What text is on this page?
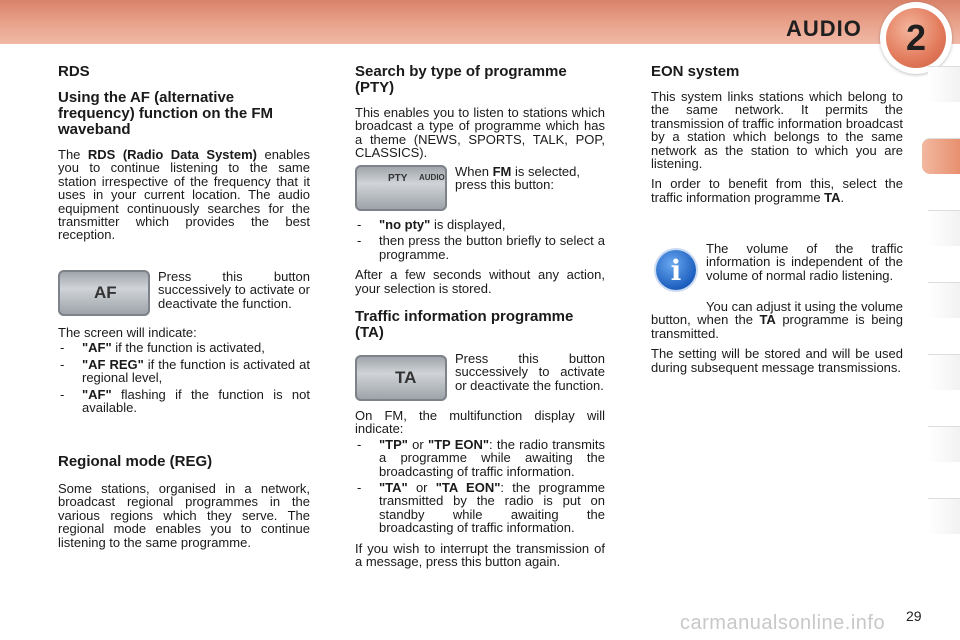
AUDIO	2
RDS
Using the AF (alternative frequency) function on the FM waveband

The RDS (Radio Data System) enables you to continue listening to the same station irrespective of the frequency that it uses in your current location. The audio equipment continuously searches for the transmitter which provides the best reception.

AF

Press this button successively to activate or deactivate the function.

The screen will indicate:

- "AF" if the function is activated,
- "AF REG" if the function is activated at regional level,
- "AF" flashing if the function is not available.
Regional mode (REG)

Some stations, organised in a network, broadcast regional programmes in the various regions which they serve. The regional mode enables you to continue listening to the same programme.

Search by type of programme (PTY)

This enables you to listen to stations which broadcast a type of programme which has a theme (NEWS, SPORTS, TALK, POP, CLASSICS).

PTY AUDIO When FM is selected, press this button:

- "no pty" is displayed,
- then press the button briefly to select a programme.

After a few seconds without any action, your selection is stored.

Traffic information programme (TA)
TA

Press this button successively to activate or deactivate the function.

On FM, the multifunction display will indicate:

- "TP" or "TP EON": the radio transmits a programme while awaiting the broadcasting of traffic information.
- "TA" or "TA EON": the programme transmitted by the radio is put on standby while awaiting the broadcasting of traffic information.

If you wish to interrupt the transmission of a message, press this button again.

EON system

This system links stations which belong to the same network. It permits the transmission of traffic information broadcast by a station which belongs to the same network as the station to which you are listening.

In order to benefit from this, select the traffic information programme TA.

i

The volume of the traffic information is independent of the volume of normal radio listening.

You can adjust it using the volume button, when the TA programme is being transmitted.

The setting will be stored and will be used during subsequent message transmissions.

carmanualsonline.info 29
